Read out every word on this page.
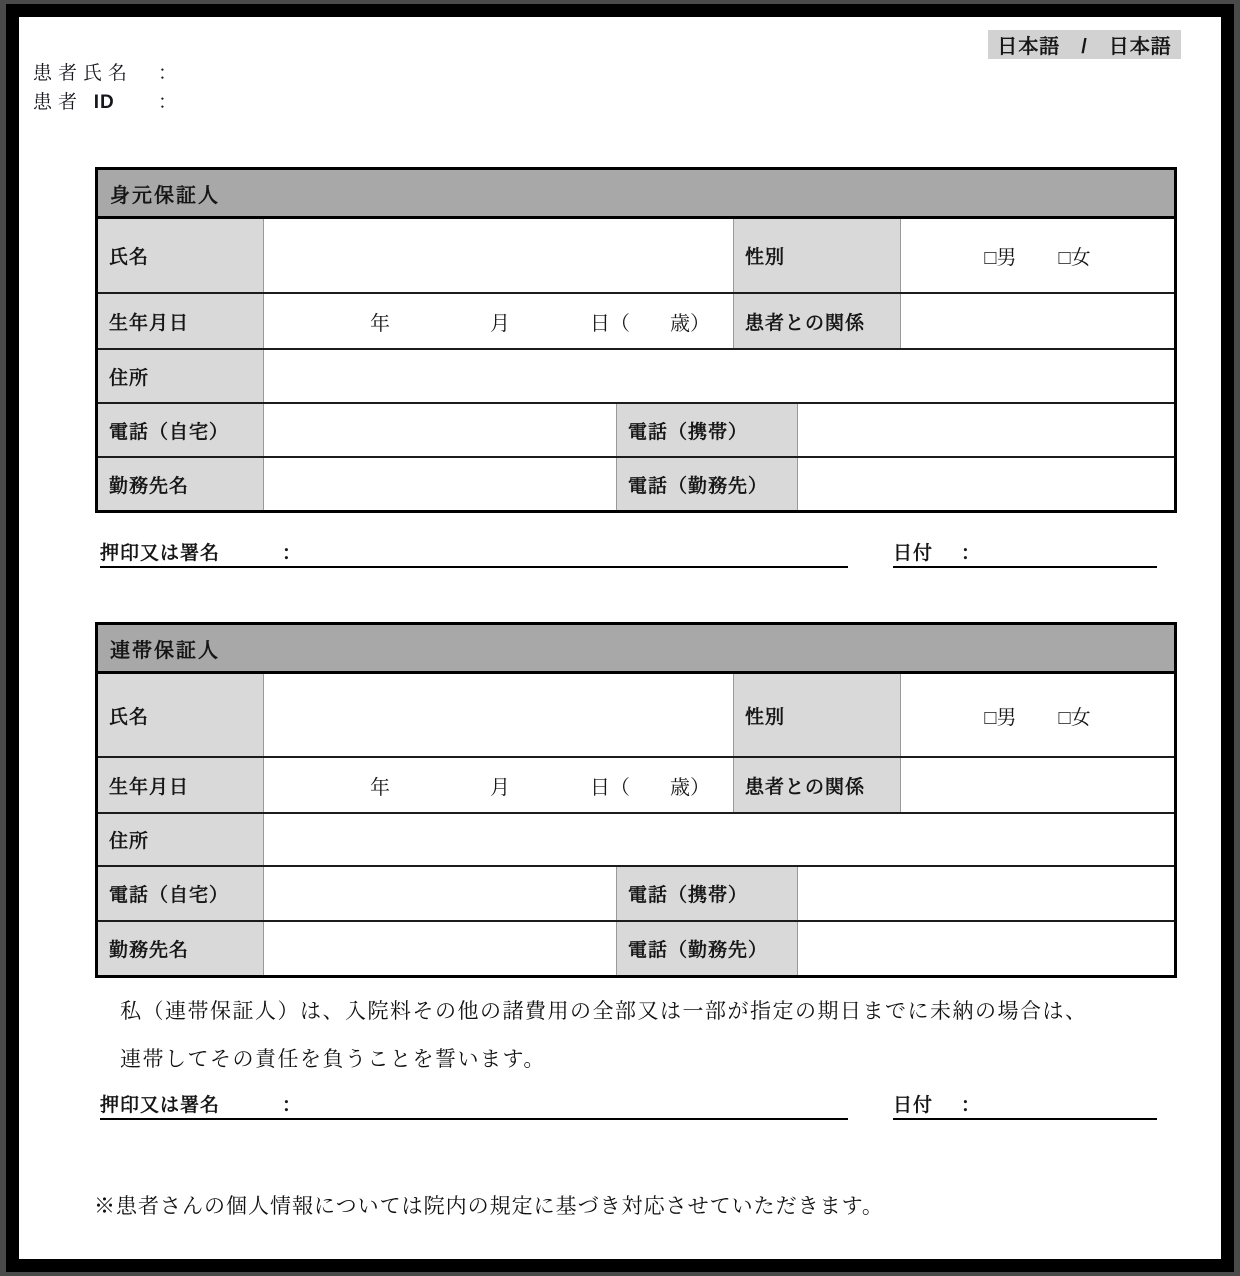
日本語　/　日本語
患者氏名	：
患者 ID	：
身元保証人
氏名	性別	□男 □女
生年月日	年　　　　　月　　　　日（　　歳）	患者との関係
住所
電話（自宅）	電話（携帯）
勤務先名	電話（勤務先）
押印又は署名	：	日付 ：
連帯保証人
氏名	性別	□男 □女
生年月日	年　　　　　月　　　　日（　　歳）	患者との関係
住所
電話（自宅）	電話（携帯）
勤務先名	電話（勤務先）
私（連帯保証人）は、入院料その他の諸費用の全部又は一部が指定の期日までに未納の場合は、
連帯してその責任を負うことを誓います。
押印又は署名	：	日付 ：
※患者さんの個人情報については院内の規定に基づき対応させていただきます。
